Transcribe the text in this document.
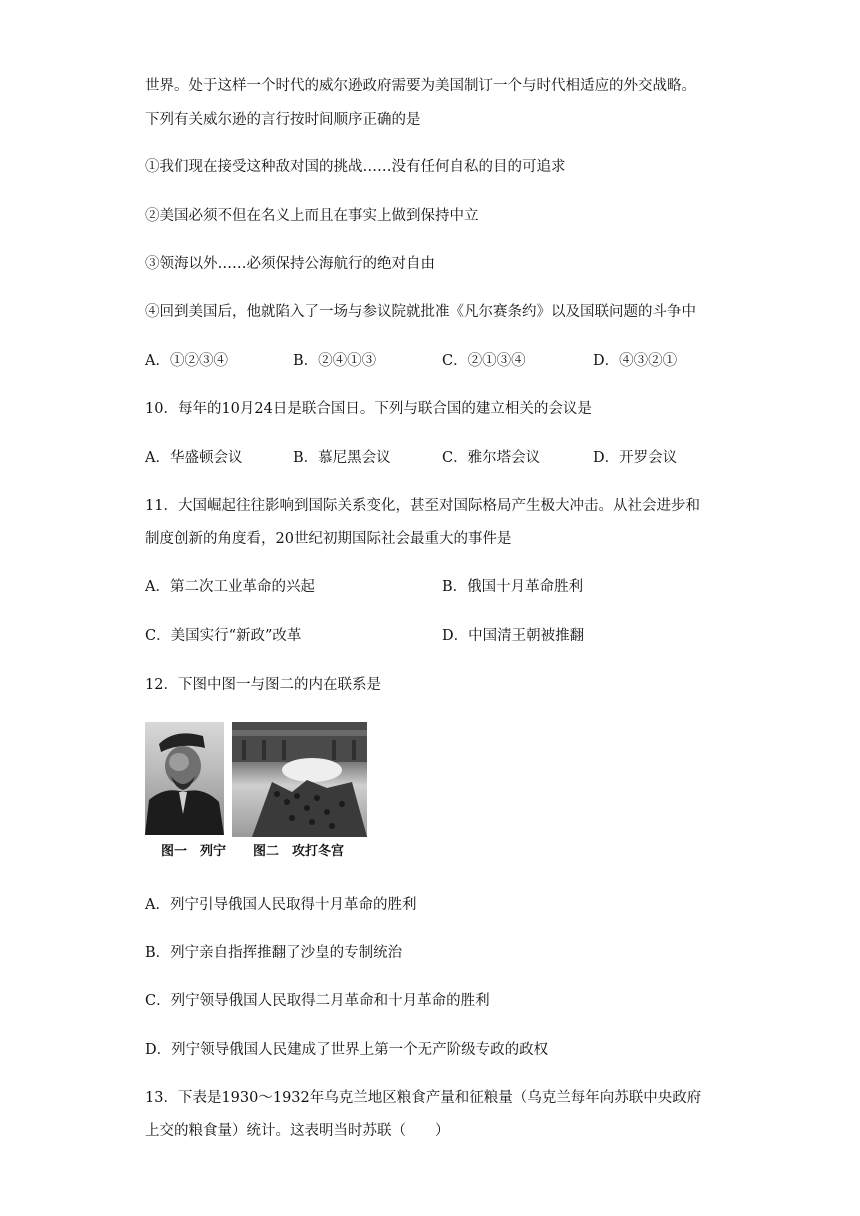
世界。处于这样一个时代的威尔逊政府需要为美国制订一个与时代相适应的外交战略。
下列有关威尔逊的言行按时间顺序正确的是
①我们现在接受这种敌对国的挑战……没有任何自私的目的可追求
②美国必须不但在名义上而且在事实上做到保持中立
③领海以外……必须保持公海航行的绝对自由
④回到美国后，他就陷入了一场与参议院就批准《凡尔赛条约》以及国联问题的斗争中
A．①②③④	B．②④①③	C．②①③④	D．④③②①
10．每年的10月24日是联合国日。下列与联合国的建立相关的会议是
A．华盛顿会议	B．慕尼黑会议	C．雅尔塔会议	D．开罗会议
11．大国崛起往往影响到国际关系变化，甚至对国际格局产生极大冲击。从社会进步和
制度创新的角度看，20世纪初期国际社会最重大的事件是
A．第二次工业革命的兴起	B．俄国十月革命胜利
C．美国实行“新政”改革	D．中国清王朝被推翻
12．下图中图一与图二的内在联系是
图一　列宁 图二　攻打冬宫
A．列宁引导俄国人民取得十月革命的胜利
B．列宁亲自指挥推翻了沙皇的专制统治
C．列宁领导俄国人民取得二月革命和十月革命的胜利
D．列宁领导俄国人民建成了世界上第一个无产阶级专政的政权
13．下表是1930～1932年乌克兰地区粮食产量和征粮量（乌克兰每年向苏联中央政府
上交的粮食量）统计。这表明当时苏联（　　）
